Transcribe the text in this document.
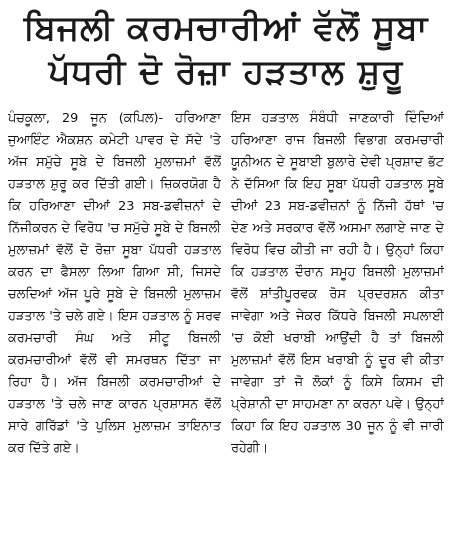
ਬਿਜਲੀ ਕਰਮਚਾਰੀਆਂ ਵੱਲੋਂ ਸੂਬਾ
ਪੱਧਰੀ ਦੋ ਰੋਜ਼ਾ ਹੜਤਾਲ ਸ਼ੁਰੂ
ਪੰਚਕੂਲਾ, 29 ਜੂਨ (ਕਪਿਲ)- ਹਰਿਆਣਾ ਜੁਆਇੰਟ ਐਕਸ਼ਨ ਕਮੇਟੀ ਪਾਵਰ ਦੇ ਸੱਦੇ 'ਤੇ ਅੱਜ ਸਮੁੱਚੇ ਸੂਬੇ ਦੇ ਬਿਜਲੀ ਮੁਲਾਜ਼ਮਾਂ ਵੱਲੋਂ ਹੜਤਾਲ ਸ਼ੁਰੂ ਕਰ ਦਿੱਤੀ ਗਈ। ਜ਼ਿਕਰਯੋਗ ਹੈ ਕਿ ਹਰਿਆਣਾ ਦੀਆਂ 23 ਸਬ-ਡਵੀਜ਼ਨਾਂ ਦੇ ਨਿੱਜੀਕਰਨ ਦੇ ਵਿਰੋਧ 'ਚ ਸਮੁੱਚੇ ਸੂਬੇ ਦੇ ਬਿਜਲੀ ਮੁਲਾਜ਼ਮਾਂ ਵੱਲੋਂ ਦੋ ਰੋਜ਼ਾ ਸੂਬਾ ਪੱਧਰੀ ਹੜਤਾਲ ਕਰਨ ਦਾ ਫੈਸਲਾ ਲਿਆ ਗਿਆ ਸੀ, ਜਿਸਦੇ ਚਲਦਿਆਂ ਅੱਜ ਪੂਰੇ ਸੂਬੇ ਦੇ ਬਿਜਲੀ ਮੁਲਾਜ਼ਮ ਹੜਤਾਲ 'ਤੇ ਚਲੇ ਗਏ। ਇਸ ਹੜਤਾਲ ਨੂੰ ਸਰਵ ਕਰਮਚਾਰੀ ਸੰਘ ਅਤੇ ਸੀਟੂ ਬਿਜਲੀ ਕਰਮਚਾਰੀਆਂ ਵੱਲੋਂ ਵੀ ਸਮਰਥਨ ਦਿੱਤਾ ਜਾ ਰਿਹਾ ਹੈ। ਅੱਜ ਬਿਜਲੀ ਕਰਮਚਾਰੀਆਂ ਦੇ ਹੜਤਾਲ 'ਤੇ ਚਲੇ ਜਾਣ ਕਾਰਨ ਪ੍ਰਸ਼ਾਸਨ ਵੱਲੋਂ ਸਾਰੇ ਗਰਿੱਡਾਂ 'ਤੇ ਪੁਲਿਸ ਮੁਲਾਜ਼ਮ ਤਾਇਨਾਤ ਕਰ ਦਿੱਤੇ ਗਏ।
ਇਸ ਹੜਤਾਲ ਸੰਬੰਧੀ ਜਾਣਕਾਰੀ ਦਿੰਦਿਆਂ ਹਰਿਆਣਾ ਰਾਜ ਬਿਜਲੀ ਵਿਭਾਗ ਕਰਮਚਾਰੀ ਯੂਨੀਅਨ ਦੇ ਸੂਬਾਈ ਬੁਲਾਰੇ ਦੇਵੀ ਪ੍ਰਸ਼ਾਦ ਭੱਟ ਨੇ ਦੱਸਿਆ ਕਿ ਇਹ ਸੂਬਾ ਪੱਧਰੀ ਹੜਤਾਲ ਸੂਬੇ ਦੀਆਂ 23 ਸਬ-ਡਵੀਜ਼ਨਾਂ ਨੂੰ ਨਿੱਜੀ ਹੱਥਾਂ 'ਚ ਦੇਣ ਅਤੇ ਸਰਕਾਰ ਵੱਲੋਂ ਅਸਮਾ ਲਗਾਏ ਜਾਣ ਦੇ ਵਿਰੋਧ ਵਿਚ ਕੀਤੀ ਜਾ ਰਹੀ ਹੈ। ਉਨ੍ਹਾਂ ਕਿਹਾ ਕਿ ਹੜਤਾਲ ਦੌਰਾਨ ਸਮੂਹ ਬਿਜਲੀ ਮੁਲਾਜ਼ਮਾਂ ਵੱਲੋਂ ਸ਼ਾਂਤੀਪੂਰਵਕ ਰੋਸ ਪ੍ਰਦਰਸ਼ਨ ਕੀਤਾ ਜਾਵੇਗਾ ਅਤੇ ਜੇਕਰ ਕਿੱਧਰੇ ਬਿਜਲੀ ਸਪਲਾਈ 'ਚ ਕੋਈ ਖਰਾਬੀ ਆਉਂਦੀ ਹੈ ਤਾਂ ਬਿਜਲੀ ਮੁਲਾਜ਼ਮਾਂ ਵੱਲੋਂ ਇਸ ਖਰਾਬੀ ਨੂੰ ਦੂਰ ਵੀ ਕੀਤਾ ਜਾਵੇਗਾ ਤਾਂ ਜੋ ਲੋਕਾਂ ਨੂੰ ਕਿਸੇ ਕਿਸਮ ਦੀ ਪ੍ਰੇਸ਼ਾਨੀ ਦਾ ਸਾਹਮਣਾ ਨਾ ਕਰਨਾ ਪਵੇ। ਉਨ੍ਹਾਂ ਕਿਹਾ ਕਿ ਇਹ ਹੜਤਾਲ 30 ਜੂਨ ਨੂੰ ਵੀ ਜਾਰੀ ਰਹੇਗੀ।
